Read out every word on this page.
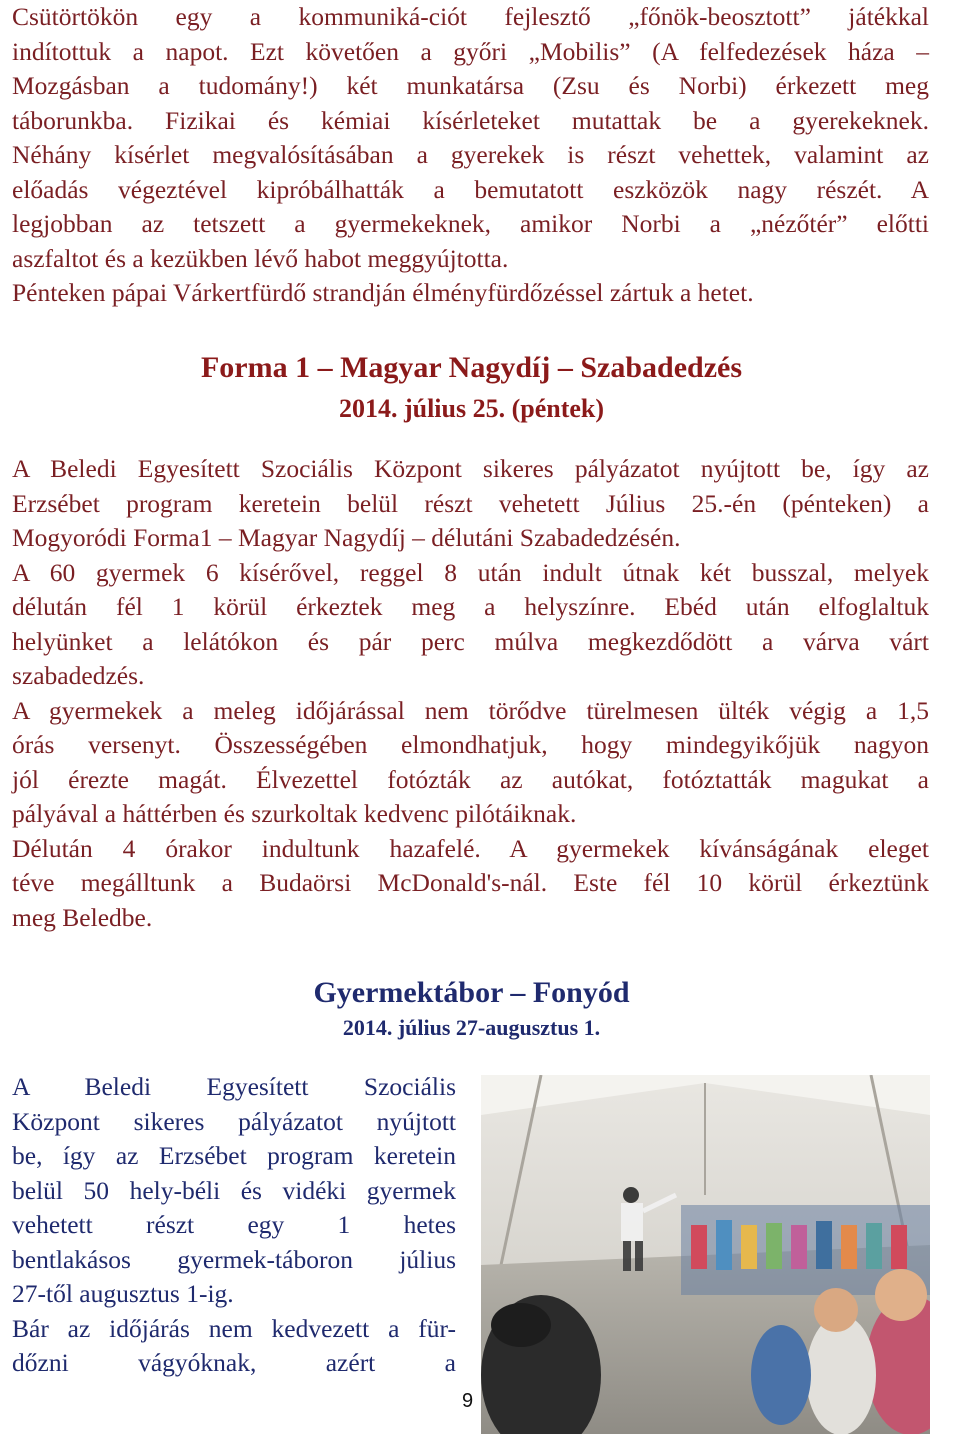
Csütörtökön egy a kommuniká-ciót fejlesztő „főnök-beosztott” játékkal

indítottuk a napot. Ezt követően a győri „Mobilis” (A felfedezések háza –

Mozgásban a tudomány!) két munkatársa (Zsu és Norbi) érkezett meg

táborunkba. Fizikai és kémiai kísérleteket mutattak be a gyerekeknek.

Néhány kísérlet megvalósításában a gyerekek is részt vehettek, valamint az

előadás végeztével kipróbálhatták a bemutatott eszközök nagy részét. A

legjobban az tetszett a gyermekeknek, amikor Norbi a „nézőtér” előtti

aszfaltot és a kezükben lévő habot meggyújtotta.

Pénteken pápai Várkertfürdő strandján élményfürdőzéssel zártuk a hetet.

Forma 1 – Magyar Nagydíj – Szabadedzés
2014. július 25. (péntek)

A Beledi Egyesített Szociális Központ sikeres pályázatot nyújtott be, így az

Erzsébet program keretein belül részt vehetett Július 25.-én (pénteken) a

Mogyoródi Forma1 – Magyar Nagydíj – délutáni Szabadedzésén.

A 60 gyermek 6 kísérővel, reggel 8 után indult útnak két busszal, melyek

délután fél 1 körül érkeztek meg a helyszínre. Ebéd után elfoglaltuk

helyünket a lelátókon és pár perc múlva megkezdődött a várva várt

szabadedzés.

A gyermekek a meleg időjárással nem törődve türelmesen ülték végig a 1,5

órás versenyt. Összességében elmondhatjuk, hogy mindegyikőjük nagyon

jól érezte magát. Élvezettel fotózták az autókat, fotóztatták magukat a

pályával a háttérben és szurkoltak kedvenc pilótáiknak.

Délután 4 órakor indultunk hazafelé. A gyermekek kívánságának eleget

téve megálltunk a Budaörsi McDonald's-nál. Este fél 10 körül érkeztünk

meg Beledbe.

Gyermektábor – Fonyód
2014. július 27-augusztus 1.

A Beledi Egyesített Szociális

Központ sikeres pályázatot nyújtott

be, így az Erzsébet program keretein

belül 50 hely-béli és vidéki gyermek

vehetett részt egy 1 hetes

bentlakásos gyermek-táboron július

27-től augusztus 1-ig.

Bár az időjárás nem kedvezett a für-

dőzni vágyóknak, azért a

9
